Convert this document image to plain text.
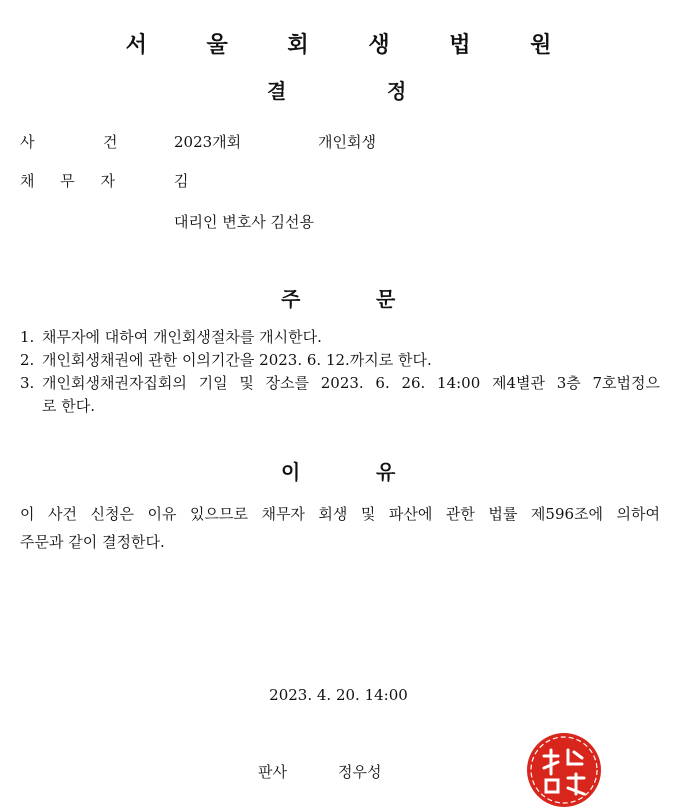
서 울 회 생 법 원
결	정
사	건	2023개회	개인회생
채 무 자	김
대리인 변호사 김선용
주	문
1. 채무자에 대하여 개인회생절차를 개시한다.
2. 개인회생채권에 관한 이의기간을 2023. 6. 12.까지로 한다.
3. 개인회생채권자집회의 기일 및 장소를 2023. 6. 26. 14:00 제4별관 3층 7호법정으
로 한다.
이	유
이 사건 신청은 이유 있으므로 채무자 회생 및 파산에 관한 법률 제596조에 의하여
주문과 같이 결정한다.
2023. 4. 20. 14:00
판사	정우성
